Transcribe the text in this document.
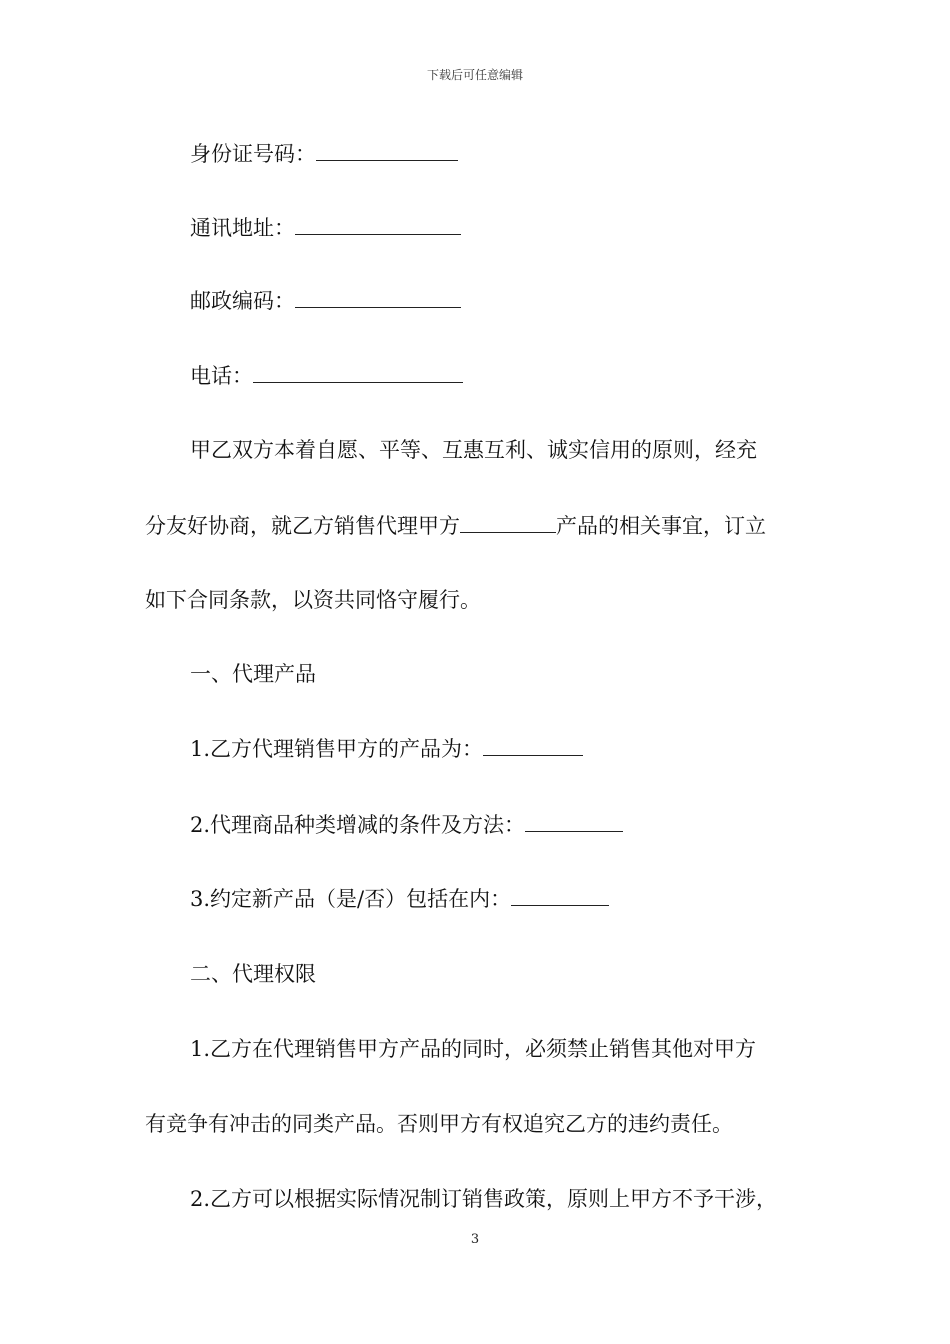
下载后可任意编辑
身份证号码：
通讯地址：
邮政编码：
电话：
甲乙双方本着自愿、平等、互惠互利、诚实信用的原则，经充
分友好协商，就乙方销售代理甲方	产品的相关事宜，订立
如下合同条款，以资共同恪守履行。
一、代理产品
1.乙方代理销售甲方的产品为：
2.代理商品种类增减的条件及方法：
3.约定新产品（是/否）包括在内：
二、代理权限
1.乙方在代理销售甲方产品的同时，必须禁止销售其他对甲方
有竞争有冲击的同类产品。否则甲方有权追究乙方的违约责任。
2.乙方可以根据实际情况制订销售政策，原则上甲方不予干涉，
3
